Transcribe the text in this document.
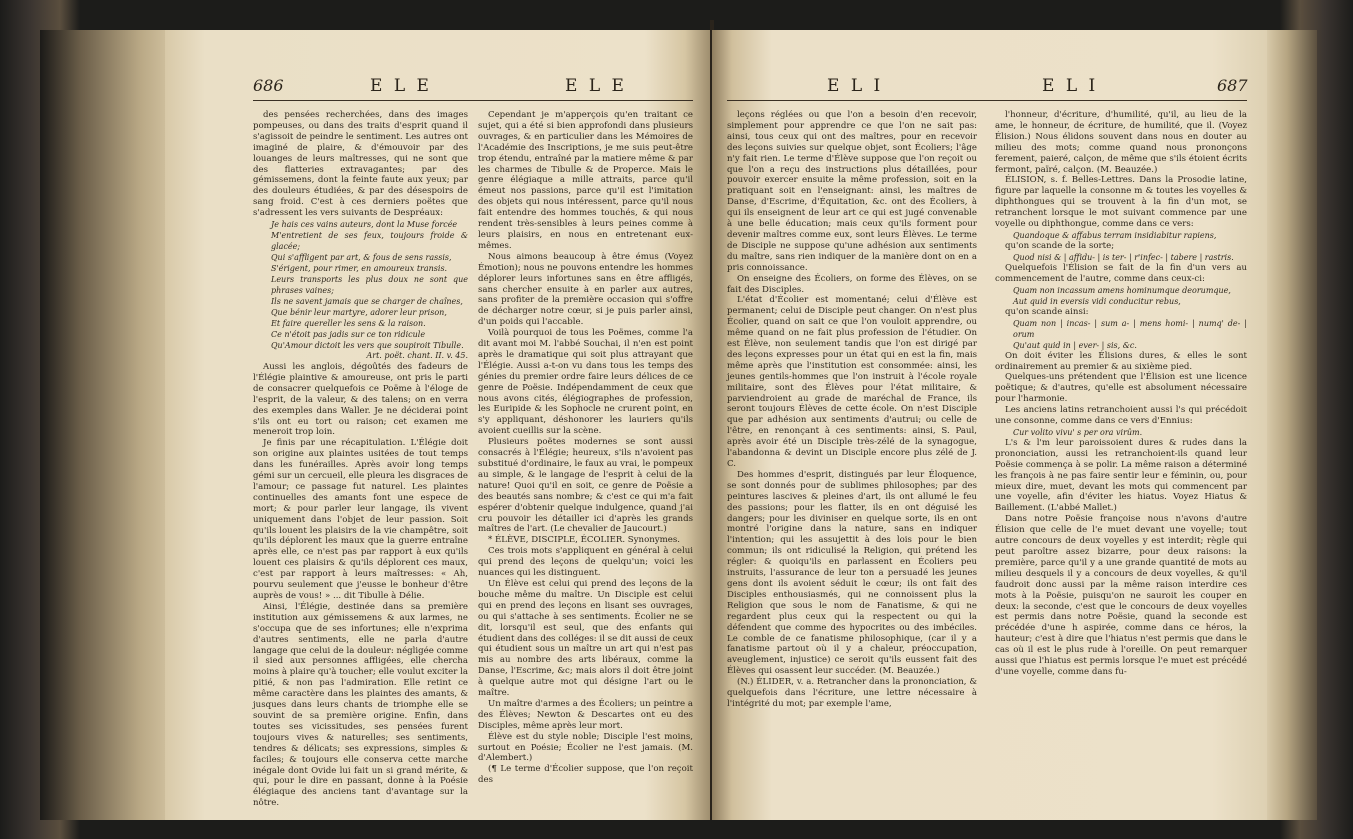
686	E L E	E L E

des pensées recherchées, dans des images pompeuses, ou dans des traits d'esprit quand il s'agissoit de peindre le sentiment. Les autres ont imaginé de plaire, & d'émouvoir par des louanges de leurs maîtresses, qui ne sont que des flatteries extravagantes; par des gémissemens, dont la feinte faute aux yeux; par des douleurs étudiées, & par des désespoirs de sang froid. C'est à ces derniers poëtes que s'adressent les vers suivants de Despréaux:

Je hais ces vains auteurs, dont la Muse forcée

M'entretient de ses feux, toujours froide & glacée;

Qui s'affligent par art, & fous de sens rassis,

S'érigent, pour rimer, en amoureux transis.

Leurs transports les plus doux ne sont que phrases vaines;

Ils ne savent jamais que se charger de chaînes,

Que bénir leur martyre, adorer leur prison,

Et faire quereller les sens & la raison.

Ce n'étoit pas jadis sur ce ton ridicule

Qu'Amour dictoit les vers que soupiroit Tibulle.

Art. poët. chant. II. v. 45.

Aussi les anglois, dégoûtés des fadeurs de l'Élégie plaintive & amoureuse, ont pris le parti de consacrer quelquefois ce Poëme à l'éloge de l'esprit, de la valeur, & des talens; on en verra des exemples dans Waller. Je ne déciderai point s'ils ont eu tort ou raison; cet examen me meneroit trop loin.

Je finis par une récapitulation. L'Élégie doit son origine aux plaintes usitées de tout temps dans les funérailles. Après avoir long temps gémi sur un cercueil, elle pleura les disgraces de l'amour; ce passage fut naturel. Les plaintes continuelles des amants font une espece de mort; & pour parler leur langage, ils vivent uniquement dans l'objet de leur passion. Soit qu'ils louent les plaisirs de la vie champêtre, soit qu'ils déplorent les maux que la guerre entraîne après elle, ce n'est pas par rapport à eux qu'ils louent ces plaisirs & qu'ils déplorent ces maux, c'est par rapport à leurs maîtresses: « Ah, pourvu seulement que j'eusse le bonheur d'être auprès de vous! » ... dit Tibulle à Délie.

Ainsi, l'Élégie, destinée dans sa première institution aux gémissemens & aux larmes, ne s'occupa que de ses infortunes; elle n'exprima d'autres sentiments, elle ne parla d'autre langage que celui de la douleur: négligée comme il sied aux personnes affligées, elle chercha moins à plaire qu'à toucher; elle voulut exciter la pitié, & non pas l'admiration. Elle retint ce même caractère dans les plaintes des amants, & jusques dans leurs chants de triomphe elle se souvint de sa première origine. Enfin, dans toutes ses vicissitudes, ses pensées furent toujours vives & naturelles; ses sentiments, tendres & délicats; ses expressions, simples & faciles; & toujours elle conserva cette marche inégale dont Ovide lui fait un si grand mérite, & qui, pour le dire en passant, donne à la Poésie élégiaque des anciens tant d'avantage sur la nôtre.

Cependant je m'apperçois qu'en traitant ce sujet, qui a été si bien approfondi dans plusieurs ouvrages, & en particulier dans les Mémoires de l'Académie des Inscriptions, je me suis peut-être trop étendu, entraîné par la matiere même & par les charmes de Tibulle & de Properce. Mais le genre élégiaque a mille attraits, parce qu'il émeut nos passions, parce qu'il est l'imitation des objets qui nous intéressent, parce qu'il nous fait entendre des hommes touchés, & qui nous rendent très-sensibles à leurs peines comme à leurs plaisirs, en nous en entretenant eux-mêmes.

Nous aimons beaucoup à être émus (Voyez Émotion); nous ne pouvons entendre les hommes déplorer leurs infortunes sans en être affligés, sans chercher ensuite à en parler aux autres, sans profiter de la première occasion qui s'offre de décharger notre cœur, si je puis parler ainsi, d'un poids qui l'accable.

Voilà pourquoi de tous les Poëmes, comme l'a dit avant moi M. l'abbé Souchai, il n'en est point après le dramatique qui soit plus attrayant que l'Élégie. Aussi a-t-on vu dans tous les temps des génies du premier ordre faire leurs délices de ce genre de Poësie. Indépendamment de ceux que nous avons cités, élégiographes de profession, les Euripide & les Sophocle ne crurent point, en s'y appliquant, déshonorer les lauriers qu'ils avoient cueillis sur la scène.

Plusieurs poëtes modernes se sont aussi consacrés à l'Élégie; heureux, s'ils n'avoient pas substitué d'ordinaire, le faux au vrai, le pompeux au simple, & le langage de l'esprit à celui de la nature! Quoi qu'il en soit, ce genre de Poësie a des beautés sans nombre; & c'est ce qui m'a fait espérer d'obtenir quelque indulgence, quand j'ai cru pouvoir les détailler ici d'après les grands maîtres de l'art. (Le chevalier de Jaucourt.)

* ÉLÈVE, DISCIPLE, ÉCOLIER. Synonymes.

Ces trois mots s'appliquent en général à celui qui prend des leçons de quelqu'un; voici les nuances qui les distinguent.

Un Élève est celui qui prend des leçons de la bouche même du maître. Un Disciple est celui qui en prend des leçons en lisant ses ouvrages, ou qui s'attache à ses sentiments. Écolier ne se dit, lorsqu'il est seul, que des enfants qui étudient dans des colléges: il se dit aussi de ceux qui étudient sous un maître un art qui n'est pas mis au nombre des arts libéraux, comme la Danse, l'Escrime, &c; mais alors il doit être joint à quelque autre mot qui désigne l'art ou le maître.

Un maître d'armes a des Écoliers; un peintre a des Élèves; Newton & Descartes ont eu des Disciples, même après leur mort.

Élève est du style noble; Disciple l'est moins, surtout en Poésie; Écolier ne l'est jamais. (M. d'Alembert.)

(¶ Le terme d'Écolier suppose, que l'on reçoit des

E L I	E L I	687

leçons réglées ou que l'on a besoin d'en recevoir, simplement pour apprendre ce que l'on ne sait pas: ainsi, tous ceux qui ont des maîtres, pour en recevoir des leçons suivies sur quelque objet, sont Écoliers; l'âge n'y fait rien. Le terme d'Élève suppose que l'on reçoit ou que l'on a reçu des instructions plus détaillées, pour pouvoir exercer ensuite la même profession, soit en la pratiquant soit en l'enseignant: ainsi, les maîtres de Danse, d'Escrime, d'Équitation, &c. ont des Écoliers, à qui ils enseignent de leur art ce qui est jugé convenable à une belle éducation; mais ceux qu'ils forment pour devenir maîtres comme eux, sont leurs Élèves. Le terme de Disciple ne suppose qu'une adhésion aux sentiments du maître, sans rien indiquer de la manière dont on en a pris connoissance.

On enseigne des Écoliers, on forme des Élèves, on se fait des Disciples.

L'état d'Écolier est momentané; celui d'Élève est permanent; celui de Disciple peut changer. On n'est plus Écolier, quand on sait ce que l'on vouloit apprendre, ou même quand on ne fait plus profession de l'étudier. On est Élève, non seulement tandis que l'on est dirigé par des leçons expresses pour un état qui en est la fin, mais même après que l'institution est consommée: ainsi, les jeunes gentils-hommes que l'on instruit à l'école royale militaire, sont des Élèves pour l'état militaire, & parviendroient au grade de maréchal de France, ils seront toujours Élèves de cette école. On n'est Disciple que par adhésion aux sentiments d'autrui; ou celle de l'être, en renonçant à ces sentiments: ainsi, S. Paul, après avoir été un Disciple très-zélé de la synagogue, l'abandonna & devint un Disciple encore plus zélé de J. C.

Des hommes d'esprit, distingués par leur Éloquence, se sont donnés pour de sublimes philosophes; par des peintures lascives & pleines d'art, ils ont allumé le feu des passions; pour les flatter, ils en ont déguisé les dangers; pour les diviniser en quelque sorte, ils en ont montré l'origine dans la nature, sans en indiquer l'intention; qui les assujettit à des lois pour le bien commun; ils ont ridiculisé la Religion, qui prétend les régler: & quoiqu'ils en parlassent en Écoliers peu instruits, l'assurance de leur ton a persuadé les jeunes gens dont ils avoient séduit le cœur; ils ont fait des Disciples enthousiasmés, qui ne connoissent plus la Religion que sous le nom de Fanatisme, & qui ne regardent plus ceux qui la respectent ou qui la défendent que comme des hypocrites ou des imbéciles. Le comble de ce fanatisme philosophique, (car il y a fanatisme partout où il y a chaleur, préoccupation, aveuglement, injustice) ce seroit qu'ils eussent fait des Élèves qui osassent leur succéder. (M. Beauzée.)

(N.) ÉLIDER, v. a. Retrancher dans la prononciation, & quelquefois dans l'écriture, une lettre nécessaire à l'intégrité du mot; par exemple l'ame,

l'honneur, d'écriture, d'humilité, qu'il, au lieu de la ame, le honneur, de écriture, de humilité, que il. (Voyez Élision.) Nous élidons souvent dans nous en douter au milieu des mots; comme quand nous prononçons ferement, paieré, calçon, de même que s'ils étoient écrits fermont, païré, calçon. (M. Beauzée.)

ÉLISION, s. f. Belles-Lettres. Dans la Prosodie latine, figure par laquelle la consonne m & toutes les voyelles & diphthongues qui se trouvent à la fin d'un mot, se retranchent lorsque le mot suivant commence par une voyelle ou diphthongue, comme dans ce vers:

Quandoque & affabus terram insidiabitur rapiens,

qu'on scande de la sorte;

Quod nisi & | affidu- | is ter- | r'infec- | tabere | rastris.

Quelquefois l'Élision se fait de la fin d'un vers au commencement de l'autre, comme dans ceux-ci:

Quam non incassum amens hominumque deorumque,

Aut quid in eversis vidi conducitur rebus,

qu'on scande ainsi:

Quam non | incas- | sum a- | mens homi- | numq' de- | orum

Qu'aut quid in | ever- | sis, &c.

On doit éviter les Élisions dures, & elles le sont ordinairement au premier & au sixième pied.

Quelques-uns prétendent que l'Élision est une licence poëtique; & d'autres, qu'elle est absolument nécessaire pour l'harmonie.

Les anciens latins retranchoient aussi l's qui précédoit une consonne, comme dans ce vers d'Ennius:

Cur volito vivu' s per ora virûm.

L's & l'm leur paroissoient dures & rudes dans la prononciation, aussi les retranchoient-ils quand leur Poësie commença à se polir. La même raison a déterminé les françois à ne pas faire sentir leur e féminin, ou, pour mieux dire, muet, devant les mots qui commencent par une voyelle, afin d'éviter les hiatus. Voyez Hiatus & Baillement. (L'abbé Mallet.)

Dans notre Poësie françoise nous n'avons d'autre Élision que celle de l'e muet devant une voyelle; tout autre concours de deux voyelles y est interdit; règle qui peut paroître assez bizarre, pour deux raisons: la première, parce qu'il y a une grande quantité de mots au milieu desquels il y a concours de deux voyelles, & qu'il faudroit donc aussi par la même raison interdire ces mots à la Poësie, puisqu'on ne sauroit les couper en deux: la seconde, c'est que le concours de deux voyelles est permis dans notre Poësie, quand la seconde est précédée d'une h aspirée, comme dans ce héros, la hauteur; c'est à dire que l'hiatus n'est permis que dans le cas où il est le plus rude à l'oreille. On peut remarquer aussi que l'hiatus est permis lorsque l'e muet est précédé d'une voyelle, comme dans fu-
